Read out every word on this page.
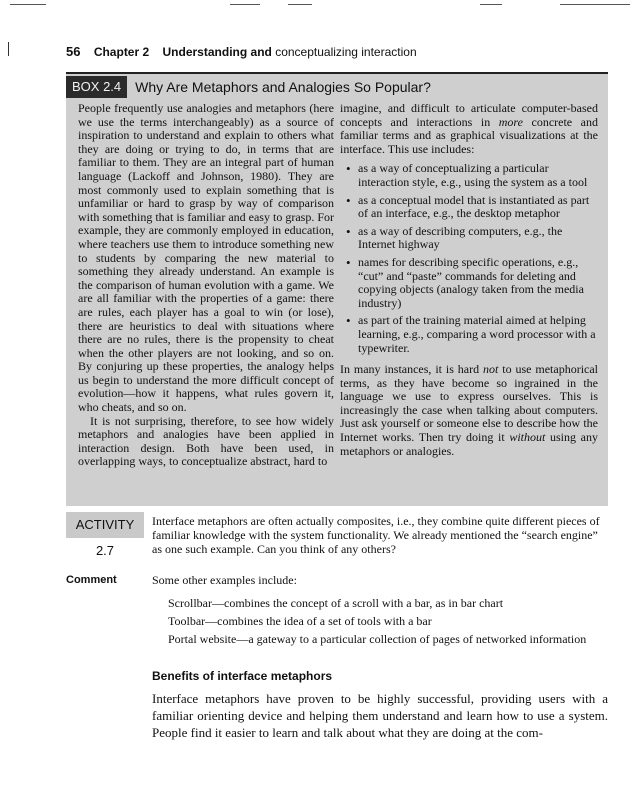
56 Chapter 2 Understanding and conceptualizing interaction
BOX 2.4	Why Are Metaphors and Analogies So Popular?

People frequently use analogies and metaphors (here we use the terms interchangeably) as a source of inspiration to understand and explain to others what they are doing or trying to do, in terms that are familiar to them. They are an integral part of human language (Lackoff and Johnson, 1980). They are most commonly used to explain something that is unfamiliar or hard to grasp by way of comparison with something that is familiar and easy to grasp. For example, they are commonly employed in education, where teachers use them to introduce something new to students by comparing the new material to something they already understand. An example is the comparison of human evolution with a game. We are all familiar with the properties of a game: there are rules, each player has a goal to win (or lose), there are heuristics to deal with situations where there are no rules, there is the propensity to cheat when the other players are not looking, and so on. By conjuring up these properties, the analogy helps us begin to understand the more difficult concept of evolution—how it happens, what rules govern it, who cheats, and so on.

It is not surprising, therefore, to see how widely metaphors and analogies have been applied in interaction design. Both have been used, in overlapping ways, to conceptualize abstract, hard to

imagine, and difficult to articulate computer-based concepts and interactions in more concrete and familiar terms and as graphical visualizations at the interface. This use includes:

• as a way of conceptualizing a particular interaction style, e.g., using the system as a tool
• as a conceptual model that is instantiated as part of an interface, e.g., the desktop metaphor
• as a way of describing computers, e.g., the Internet highway
• names for describing specific operations, e.g., “cut” and “paste” commands for deleting and copying objects (analogy taken from the media industry)
• as part of the training material aimed at helping learning, e.g., comparing a word processor with a typewriter.

In many instances, it is hard not to use metaphorical terms, as they have become so ingrained in the language we use to express ourselves. This is increasingly the case when talking about computers. Just ask yourself or someone else to describe how the Internet works. Then try doing it without using any metaphors or analogies.

ACTIVITY 2.7
Interface metaphors are often actually composites, i.e., they combine quite different pieces of familiar knowledge with the system functionality. We already mentioned the “search engine” as one such example. Can you think of any others?
Comment	Some other examples include:
Scrollbar—combines the concept of a scroll with a bar, as in bar chart
Toolbar—combines the idea of a set of tools with a bar
Portal website—a gateway to a particular collection of pages of networked information
Benefits of interface metaphors
Interface metaphors have proven to be highly successful, providing users with a familiar orienting device and helping them understand and learn how to use a system. People find it easier to learn and talk about what they are doing at the com-
